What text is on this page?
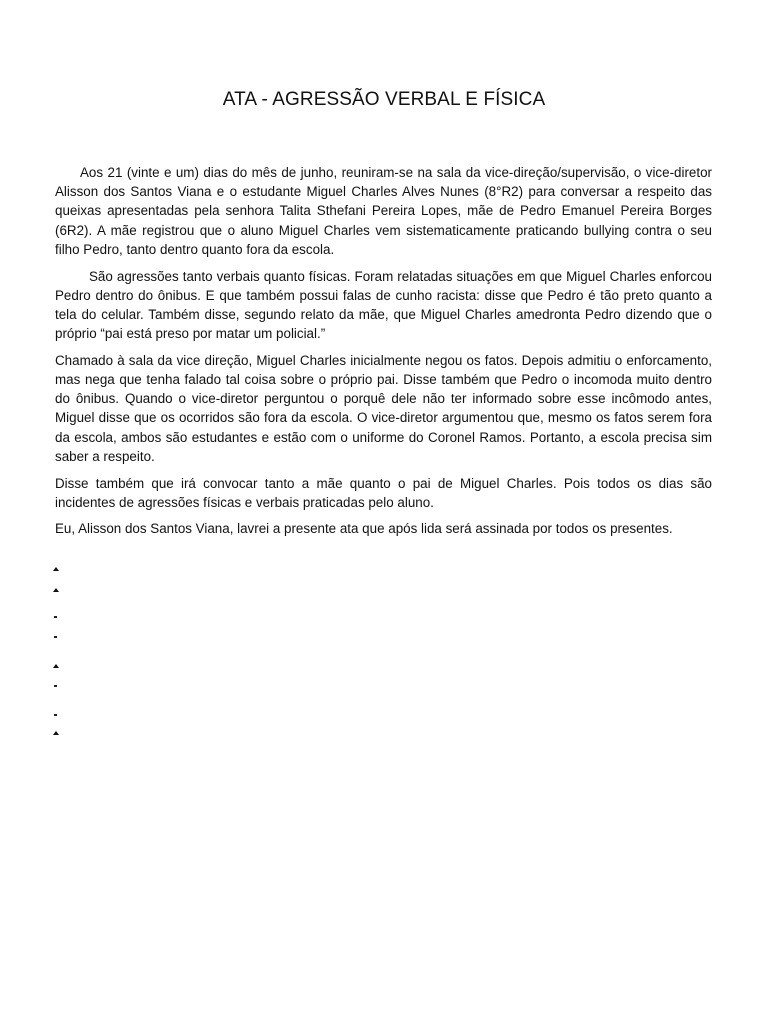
ATA - AGRESSÃO VERBAL E FÍSICA

Aos 21 (vinte e um) dias do mês de junho, reuniram-se na sala da vice-direção/supervisão, o vice-diretor Alisson dos Santos Viana e o estudante Miguel Charles Alves Nunes (8°R2) para conversar a respeito das queixas apresentadas pela senhora Talita Sthefani Pereira Lopes, mãe de Pedro Emanuel Pereira Borges (6R2). A mãe registrou que o aluno Miguel Charles vem sistematicamente praticando bullying contra o seu filho Pedro, tanto dentro quanto fora da escola.

São agressões tanto verbais quanto físicas. Foram relatadas situações em que Miguel Charles enforcou Pedro dentro do ônibus. E que também possui falas de cunho racista: disse que Pedro é tão preto quanto a tela do celular. Também disse, segundo relato da mãe, que Miguel Charles amedronta Pedro dizendo que o próprio “pai está preso por matar um policial.”

Chamado à sala da vice direção, Miguel Charles inicialmente negou os fatos. Depois admitiu o enforcamento, mas nega que tenha falado tal coisa sobre o próprio pai. Disse também que Pedro o incomoda muito dentro do ônibus. Quando o vice-diretor perguntou o porquê dele não ter informado sobre esse incômodo antes, Miguel disse que os ocorridos são fora da escola. O vice-diretor argumentou que, mesmo os fatos serem fora da escola, ambos são estudantes e estão com o uniforme do Coronel Ramos. Portanto, a escola precisa sim saber a respeito.

Disse também que irá convocar tanto a mãe quanto o pai de Miguel Charles. Pois todos os dias são incidentes de agressões físicas e verbais praticadas pelo aluno.

Eu, Alisson dos Santos Viana, lavrei a presente ata que após lida será assinada por todos os presentes.
